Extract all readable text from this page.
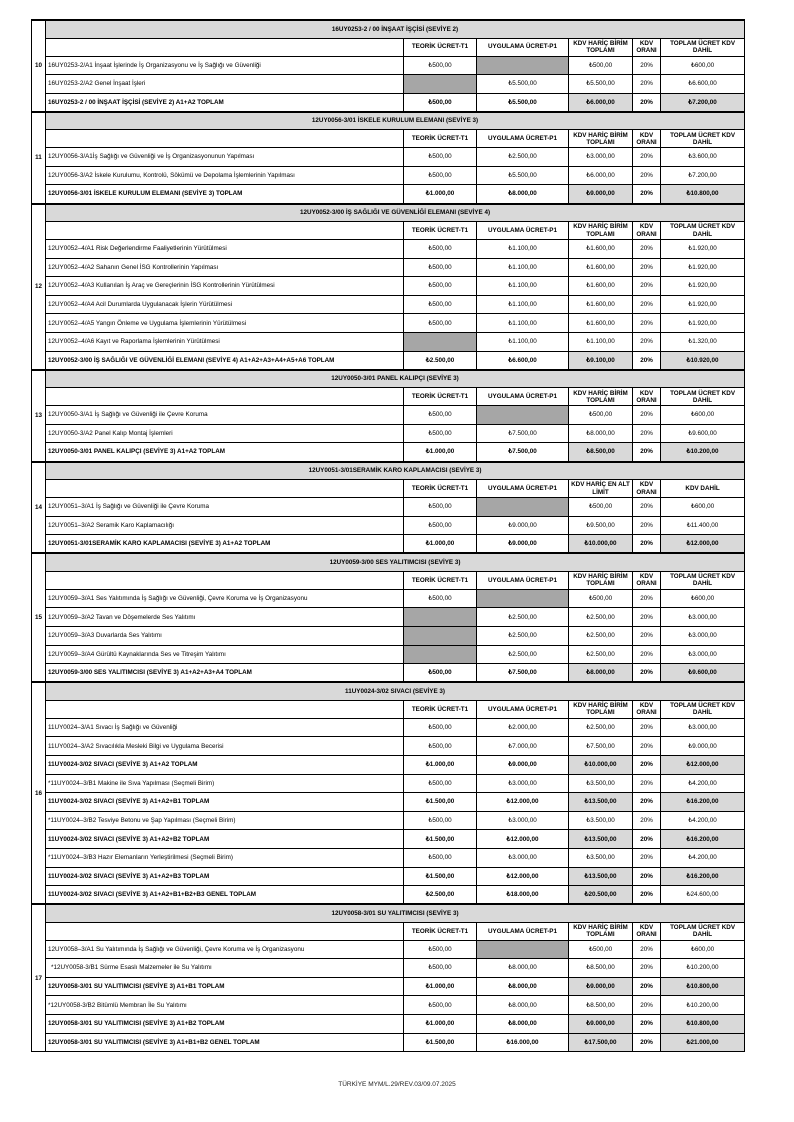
10	16UY0253-2 / 00 İNŞAAT İŞÇİSİ (SEVİYE 2)					
		TEORİK ÜCRET-T1	UYGULAMA ÜCRET-P1	KDV HARİÇ BİRİM TOPLAMI	KDV ORANI	TOPLAM ÜCRET KDV DAHİL
	16UY0253-2/A1 İnşaat İşlerinde İş Organizasyonu ve İş Sağlığı ve Güvenliği	₺500,00		₺500,00	20%	₺600,00
	16UY0253-2/A2 Genel İnşaat İşleri		₺5.500,00	₺5.500,00	20%	₺6.600,00
	16UY0253-2 / 00 İNŞAAT İŞÇİSİ (SEVİYE 2) A1+A2 TOPLAM	₺500,00	₺5.500,00	₺6.000,00	20%	₺7.200,00
11	12UY0056-3/01 İSKELE KURULUM ELEMANI (SEVİYE 3)					
		TEORİK ÜCRET-T1	UYGULAMA ÜCRET-P1	KDV HARİÇ BİRİM TOPLAMI	KDV ORANI	TOPLAM ÜCRET KDV DAHİL
	12UY0056-3/A1İş Sağlığı ve Güvenliği ve İş Organizasyonunun Yapılması	₺500,00	₺2.500,00	₺3.000,00	20%	₺3.600,00
	12UY0056-3/A2 İskele Kurulumu, Kontrolü, Sökümü ve Depolama İşlemlerinin Yapılması	₺500,00	₺5.500,00	₺6.000,00	20%	₺7.200,00
	12UY0056-3/01 İSKELE KURULUM ELEMANI (SEVİYE 3) TOPLAM	₺1.000,00	₺8.000,00	₺9.000,00	20%	₺10.800,00
12	12UY0052-3/00 İŞ SAĞLIĞI VE GÜVENLİĞİ ELEMANI (SEVİYE 4)					
		TEORİK ÜCRET-T1	UYGULAMA ÜCRET-P1	KDV HARİÇ BİRİM TOPLAMI	KDV ORANI	TOPLAM ÜCRET KDV DAHİL
	12UY0052–4/A1 Risk Değerlendirme Faaliyetlerinin Yürütülmesi	₺500,00	₺1.100,00	₺1.600,00	20%	₺1.920,00
	12UY0052–4/A2 Sahanın Genel İSG Kontrollerinin Yapılması	₺500,00	₺1.100,00	₺1.600,00	20%	₺1.920,00
	12UY0052–4/A3 Kullanılan İş Araç ve Gereçlerinin İSG Kontrollerinin Yürütülmesi	₺500,00	₺1.100,00	₺1.600,00	20%	₺1.920,00
	12UY0052–4/A4 Acil Durumlarda Uygulanacak İşlerin Yürütülmesi	₺500,00	₺1.100,00	₺1.600,00	20%	₺1.920,00
	12UY0052–4/A5 Yangın Önleme ve Uygulama İşlemlerinin Yürütülmesi	₺500,00	₺1.100,00	₺1.600,00	20%	₺1.920,00
	12UY0052–4/A6 Kayıt ve Raporlama İşlemlerinin Yürütülmesi		₺1.100,00	₺1.100,00	20%	₺1.320,00
	12UY0052-3/00 İŞ SAĞLIĞI VE GÜVENLİĞİ ELEMANI (SEVİYE 4) A1+A2+A3+A4+A5+A6 TOPLAM	₺2.500,00	₺6.600,00	₺9.100,00	20%	₺10.920,00
13	12UY0050-3/01 PANEL KALIPÇI (SEVİYE 3)					
		TEORİK ÜCRET-T1	UYGULAMA ÜCRET-P1	KDV HARİÇ BİRİM TOPLAMI	KDV ORANI	TOPLAM ÜCRET KDV DAHİL
	12UY0050-3/A1 İş Sağlığı ve Güvenliği ile Çevre Koruma	₺500,00		₺500,00	20%	₺600,00
	12UY0050-3/A2 Panel Kalıp Montaj İşlemleri	₺500,00	₺7.500,00	₺8.000,00	20%	₺9.600,00
	12UY0050-3/01 PANEL KALIPÇI (SEVİYE 3) A1+A2 TOPLAM	₺1.000,00	₺7.500,00	₺8.500,00	20%	₺10.200,00
14	12UY0051-3/01SERAMİK KARO KAPLAMACISI (SEVİYE 3)					
		TEORİK ÜCRET-T1	UYGULAMA ÜCRET-P1	KDV HARİÇ EN ALT LİMİT	KDV ORANI	KDV DAHİL
	12UY0051–3/A1 İş Sağlığı ve Güvenliği ile Çevre Koruma	₺500,00		₺500,00	20%	₺600,00
	12UY0051–3/A2 Seramik Karo Kaplamacılığı	₺500,00	₺9.000,00	₺9.500,00	20%	₺11.400,00
	12UY0051-3/01SERAMİK KARO KAPLAMACISI (SEVİYE 3) A1+A2 TOPLAM	₺1.000,00	₺9.000,00	₺10.000,00	20%	₺12.000,00
15	12UY0059-3/00 SES YALITIMCISI (SEVİYE 3)					
		TEORİK ÜCRET-T1	UYGULAMA ÜCRET-P1	KDV HARİÇ BİRİM TOPLAMI	KDV ORANI	TOPLAM ÜCRET KDV DAHİL
	12UY0059–3/A1 Ses Yalıtımında İş Sağlığı ve Güvenliği, Çevre Koruma ve İş Organizasyonu	₺500,00		₺500,00	20%	₺600,00
	12UY0059–3/A2 Tavan ve Döşemelerde Ses Yalıtımı		₺2.500,00	₺2.500,00	20%	₺3.000,00
	12UY0059–3/A3 Duvarlarda Ses Yalıtımı		₺2.500,00	₺2.500,00	20%	₺3.000,00
	12UY0059–3/A4 Gürültü Kaynaklarında Ses ve Titreşim Yalıtımı		₺2.500,00	₺2.500,00	20%	₺3.000,00
	12UY0059-3/00 SES YALITIMCISI (SEVİYE 3) A1+A2+A3+A4 TOPLAM	₺500,00	₺7.500,00	₺8.000,00	20%	₺9.600,00
16	11UY0024-3/02 SIVACI (SEVİYE 3)					
		TEORİK ÜCRET-T1	UYGULAMA ÜCRET-P1	KDV HARİÇ BİRİM TOPLAMI	KDV ORANI	TOPLAM ÜCRET KDV DAHİL
	11UY0024–3/A1 Sıvacı İş Sağlığı ve Güvenliği	₺500,00	₺2.000,00	₺2.500,00	20%	₺3.000,00
	11UY0024–3/A2 Sıvacılıkla Mesleki Bilgi ve Uygulama Becerisi	₺500,00	₺7.000,00	₺7.500,00	20%	₺9.000,00
	11UY0024-3/02 SIVACI (SEVİYE 3) A1+A2 TOPLAM	₺1.000,00	₺9.000,00	₺10.000,00	20%	₺12.000,00
	*11UY0024–3/B1 Makine ile Sıva Yapılması (Seçmeli Birim)	₺500,00	₺3.000,00	₺3.500,00	20%	₺4.200,00
	11UY0024-3/02 SIVACI (SEVİYE 3) A1+A2+B1 TOPLAM	₺1.500,00	₺12.000,00	₺13.500,00	20%	₺16.200,00
	*11UY0024–3/B2 Tesviye Betonu ve Şap Yapılması (Seçmeli Birim)	₺500,00	₺3.000,00	₺3.500,00	20%	₺4.200,00
	11UY0024-3/02 SIVACI (SEVİYE 3) A1+A2+B2 TOPLAM	₺1.500,00	₺12.000,00	₺13.500,00	20%	₺16.200,00
	*11UY0024–3/B3 Hazır Elemanların Yerleştirilmesi (Seçmeli Birim)	₺500,00	₺3.000,00	₺3.500,00	20%	₺4.200,00
	11UY0024-3/02 SIVACI (SEVİYE 3) A1+A2+B3 TOPLAM	₺1.500,00	₺12.000,00	₺13.500,00	20%	₺16.200,00
	11UY0024-3/02 SIVACI (SEVİYE 3) A1+A2+B1+B2+B3 GENEL TOPLAM	₺2.500,00	₺18.000,00	₺20.500,00	20%	₺24.600,00
17	12UY0058-3/01 SU YALITIMCISI (SEVİYE 3)					
		TEORİK ÜCRET-T1	UYGULAMA ÜCRET-P1	KDV HARİÇ BİRİM TOPLAMI	KDV ORANI	TOPLAM ÜCRET KDV DAHİL
	12UY0058–3/A1 Su Yalıtımında İş Sağlığı ve Güvenliği, Çevre Koruma ve İş Organizasyonu	₺500,00		₺500,00	20%	₺600,00
	*12UY0058-3/B1 Sürme Esaslı Malzemeler ile Su Yalıtımı	₺500,00	₺8.000,00	₺8.500,00	20%	₺10.200,00
	12UY0058-3/01 SU YALITIMCISI (SEVİYE 3) A1+B1 TOPLAM	₺1.000,00	₺8.000,00	₺9.000,00	20%	₺10.800,00
	*12UY0058-3/B2 Bitümlü Membran İle Su Yalıtımı	₺500,00	₺8.000,00	₺8.500,00	20%	₺10.200,00
	12UY0058-3/01 SU YALITIMCISI (SEVİYE 3) A1+B2 TOPLAM	₺1.000,00	₺8.000,00	₺9.000,00	20%	₺10.800,00
	12UY0058-3/01 SU YALITIMCISI (SEVİYE 3) A1+B1+B2 GENEL TOPLAM	₺1.500,00	₺16.000,00	₺17.500,00	20%	₺21.000,00
TÜRKİYE MYM/L.29/REV.03/09.07.2025
